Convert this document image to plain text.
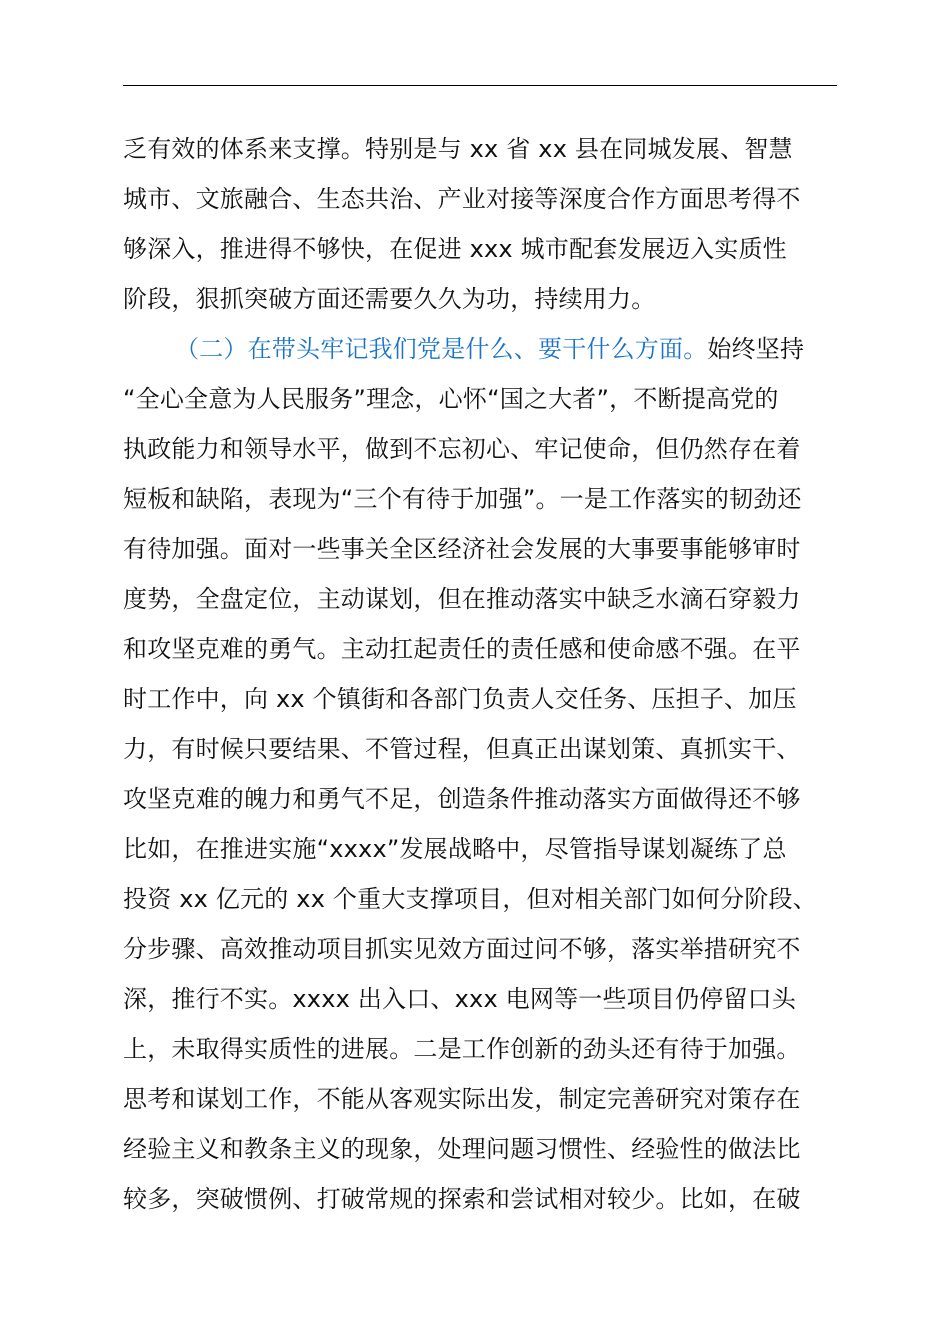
乏有效的体系来支撑。特别是与 xx 省 xx 县在同城发展、智慧
城市、文旅融合、生态共治、产业对接等深度合作方面思考得不
够深入，推进得不够快，在促进 xxx 城市配套发展迈入实质性
阶段，狠抓突破方面还需要久久为功，持续用力。
（二）在带头牢记我们党是什么、要干什么方面。始终坚持
“全心全意为人民服务”理念，心怀“国之大者”，不断提高党的
执政能力和领导水平，做到不忘初心、牢记使命，但仍然存在着
短板和缺陷，表现为“三个有待于加强”。一是工作落实的韧劲还
有待加强。面对一些事关全区经济社会发展的大事要事能够审时
度势，全盘定位，主动谋划，但在推动落实中缺乏水滴石穿毅力
和攻坚克难的勇气。主动扛起责任的责任感和使命感不强。在平
时工作中，向 xx 个镇街和各部门负责人交任务、压担子、加压
力，有时候只要结果、不管过程，但真正出谋划策、真抓实干、
攻坚克难的魄力和勇气不足，创造条件推动落实方面做得还不够
比如，在推进实施“xxxx”发展战略中，尽管指导谋划凝练了总
投资 xx 亿元的 xx 个重大支撑项目，但对相关部门如何分阶段、
分步骤、高效推动项目抓实见效方面过问不够，落实举措研究不
深，推行不实。xxxx 出入口、xxx 电网等一些项目仍停留口头
上，未取得实质性的进展。二是工作创新的劲头还有待于加强。
思考和谋划工作，不能从客观实际出发，制定完善研究对策存在
经验主义和教条主义的现象，处理问题习惯性、经验性的做法比
较多，突破惯例、打破常规的探索和尝试相对较少。比如，在破
